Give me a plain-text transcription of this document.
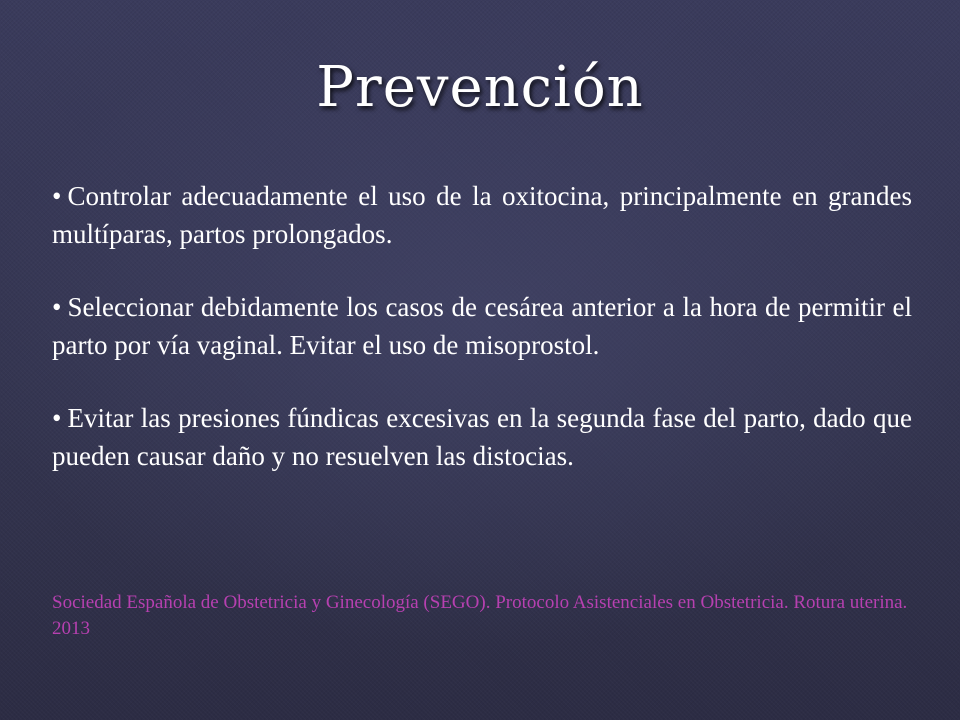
Prevención
• Controlar adecuadamente el uso de la oxitocina, principalmente en grandes multíparas, partos prolongados.
• Seleccionar debidamente los casos de cesárea anterior a la hora de permitir el parto por vía vaginal. Evitar el uso de misoprostol.
• Evitar las presiones fúndicas excesivas en la segunda fase del parto, dado que pueden causar daño y no resuelven las distocias.

Sociedad Española de Obstetricia y Ginecología (SEGO). Protocolo Asistenciales en Obstetricia. Rotura uterina. 2013
